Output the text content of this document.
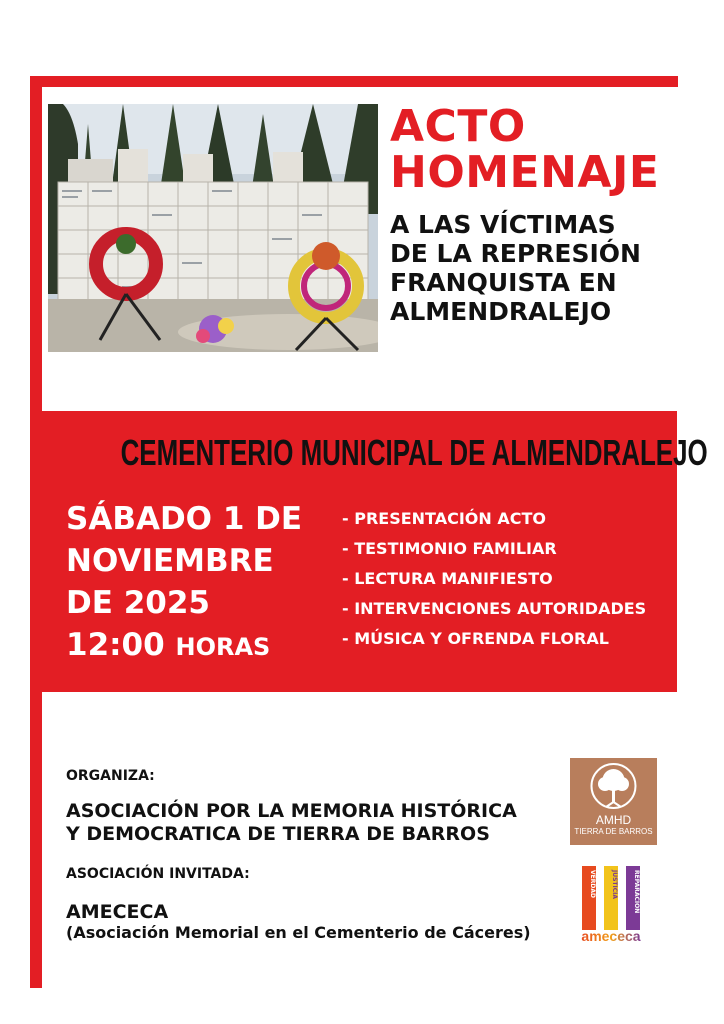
ACTO
HOMENAJE
A LAS VÍCTIMAS
DE LA REPRESIÓN
FRANQUISTA EN
ALMENDRALEJO
CEMENTERIO MUNICIPAL DE ALMENDRALEJO
SÁBADO 1 DE
NOVIEMBRE
DE 2025
12:00 HORAS
- PRESENTACIÓN ACTO
- TESTIMONIO FAMILIAR
- LECTURA MANIFIESTO
- INTERVENCIONES AUTORIDADES
- MÚSICA Y OFRENDA FLORAL
ORGANIZA:
ASOCIACIÓN POR LA MEMORIA HISTÓRICA
Y DEMOCRATICA DE TIERRA DE BARROS
AMHD
TIERRA DE BARROS
ASOCIACIÓN INVITADA:
AMECECA
(Asociación Memorial en el Cementerio de Cáceres)
VERDAD	JUSTICIA	REPARACIÓN
amececa
